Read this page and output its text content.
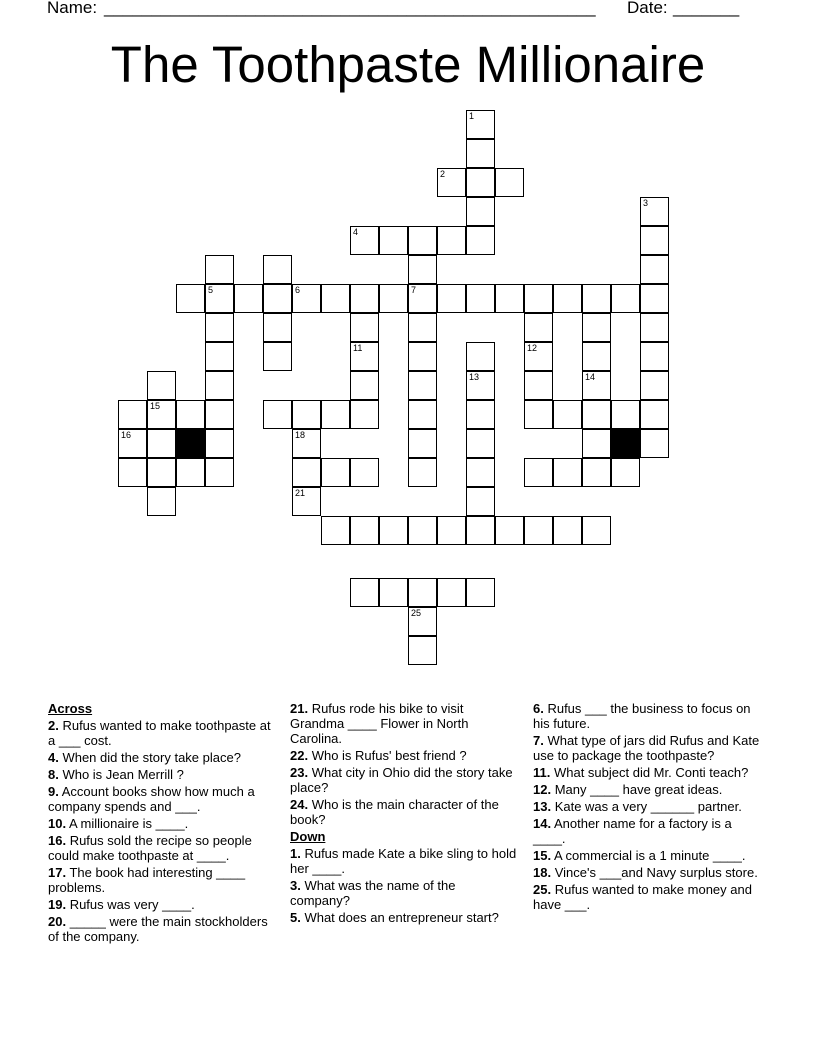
Name: ____________________________________________________ Date: _______
The Toothpaste Millionaire
1
2
3
4
5	6	7
11	12
13	14
15
16	18
21
25
Across
2. Rufus wanted to make toothpaste at a ___ cost.
4. When did the story take place?
8. Who is Jean Merrill ?
9. Account books show how much a company spends and ___.
10. A millionaire is ____.
16. Rufus sold the recipe so people could make toothpaste at ____.
17. The book had interesting ____ problems.
19. Rufus was very ____.
20. _____ were the main stockholders of the company.
21. Rufus rode his bike to visit Grandma ____ Flower in North Carolina.
22. Who is Rufus' best friend ?
23. What city in Ohio did the story take place?
24. Who is the main character of the book?
Down
1. Rufus made Kate a bike sling to hold her ____.
3. What was the name of the company?
5. What does an entrepreneur start?
6. Rufus ___ the business to focus on his future.
7. What type of jars did Rufus and Kate use to package the toothpaste?
11. What subject did Mr. Conti teach?
12. Many ____ have great ideas.
13. Kate was a very ______ partner.
14. Another name for a factory is a ____.
15. A commercial is a 1 minute ____.
18. Vince's ___and Navy surplus store.
25. Rufus wanted to make money and have ___.
